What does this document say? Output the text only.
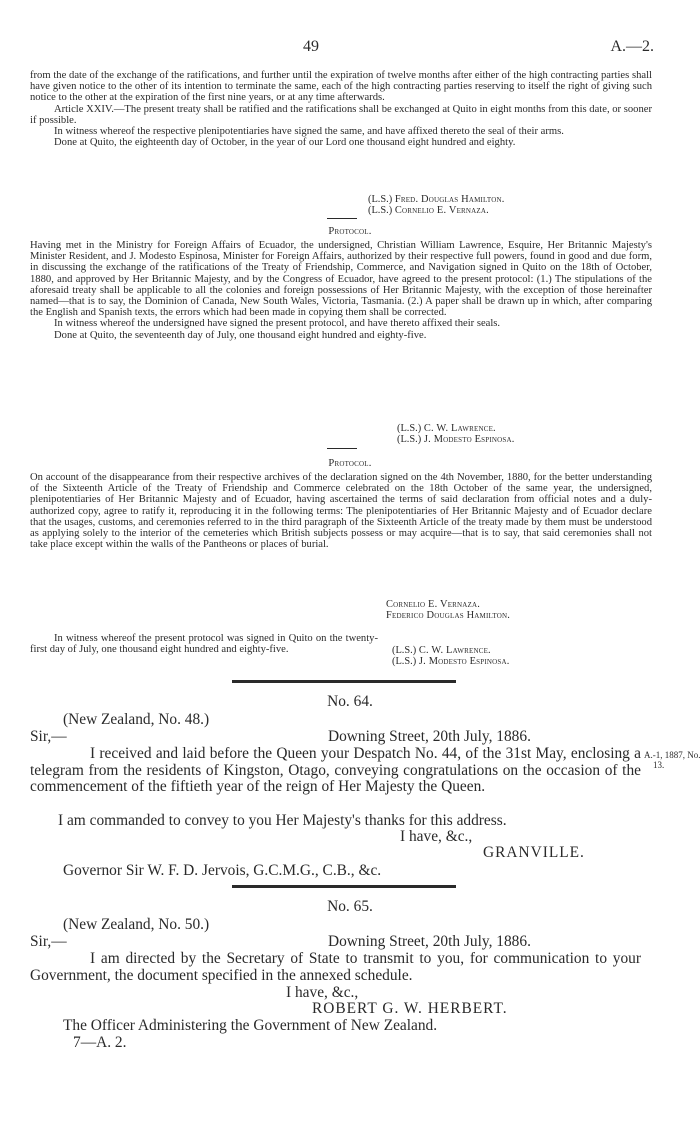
49	A.—2.

from the date of the exchange of the ratifications, and further until the expiration of twelve months after either of the high contracting parties shall have given notice to the other of its intention to terminate the same, each of the high contracting parties reserving to itself the right of giving such notice to the other at the expiration of the first nine years, or at any time afterwards.

Article XXIV.—The present treaty shall be ratified and the ratifications shall be exchanged at Quito in eight months from this date, or sooner if possible.

In witness whereof the respective plenipotentiaries have signed the same, and have affixed thereto the seal of their arms.

Done at Quito, the eighteenth day of October, in the year of our Lord one thousand eight hundred and eighty.

(L.S.) Fred. Douglas Hamilton.
(L.S.) Cornelio E. Vernaza.
Protocol.

Having met in the Ministry for Foreign Affairs of Ecuador, the undersigned, Christian William Lawrence, Esquire, Her Britannic Majesty's Minister Resident, and J. Modesto Espinosa, Minister for Foreign Affairs, authorized by their respective full powers, found in good and due form, in discussing the exchange of the ratifications of the Treaty of Friendship, Commerce, and Navigation signed in Quito on the 18th of October, 1880, and approved by Her Britannic Majesty, and by the Congress of Ecuador, have agreed to the present protocol: (1.) The stipulations of the aforesaid treaty shall be applicable to all the colonies and foreign possessions of Her Britannic Majesty, with the exception of those hereinafter named—that is to say, the Dominion of Canada, New South Wales, Victoria, Tasmania. (2.) A paper shall be drawn up in which, after comparing the English and Spanish texts, the errors which had been made in copying them shall be corrected.

In witness whereof the undersigned have signed the present protocol, and have thereto affixed their seals.

Done at Quito, the seventeenth day of July, one thousand eight hundred and eighty-five.

(L.S.) C. W. Lawrence.
(L.S.) J. Modesto Espinosa.
Protocol.

On account of the disappearance from their respective archives of the declaration signed on the 4th November, 1880, for the better understanding of the Sixteenth Article of the Treaty of Friendship and Commerce celebrated on the 18th October of the same year, the undersigned, plenipotentiaries of Her Britannic Majesty and of Ecuador, having ascertained the terms of said declaration from official notes and a duly-authorized copy, agree to ratify it, reproducing it in the following terms: The plenipotentiaries of Her Britannic Majesty and of Ecuador declare that the usages, customs, and ceremonies referred to in the third paragraph of the Sixteenth Article of the treaty made by them must be understood as applying solely to the interior of the cemeteries which British subjects possess or may acquire—that is to say, that said ceremonies shall not take place except within the walls of the Pantheons or places of burial.

Cornelio E. Vernaza.
Federico Douglas Hamilton.

In witness whereof the present protocol was signed in Quito on the twenty-first day of July, one thousand eight hundred and eighty-five.	(L.S.) C. W. Lawrence.
(L.S.) J. Modesto Espinosa.
No. 64.
(New Zealand, No. 48.)
Sir,—	Downing Street, 20th July, 1886.
I received and laid before the Queen your Despatch No. 44, of the 31st May, enclosing a telegram from the residents of Kingston, Otago, conveying congratulations on the occasion of the commencement of the fiftieth year of the reign of Her Majesty the Queen.
A.-1, 1887, No.
13.
I am commanded to convey to you Her Majesty's thanks for this address.
I have, &c.,
GRANVILLE.
Governor Sir W. F. D. Jervois, G.C.M.G., C.B., &c.
No. 65.
(New Zealand, No. 50.)
Sir,—	Downing Street, 20th July, 1886.
I am directed by the Secretary of State to transmit to you, for communication to your Government, the document specified in the annexed schedule.
I have, &c.,
ROBERT G. W. HERBERT.
The Officer Administering the Government of New Zealand.
7—A. 2.
